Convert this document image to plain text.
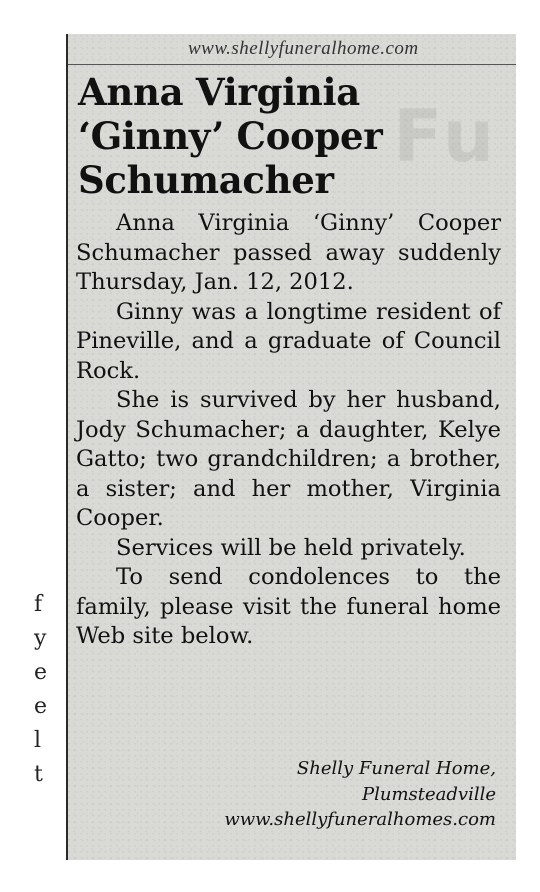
f
y
e
e
l
t
Fu
www.shellyfuneralhome.com
Anna Virginia
‘Ginny’ Cooper
Schumacher

Anna Virginia ‘Ginny’ Cooper Schumacher passed away suddenly Thursday, Jan. 12, 2012.

Ginny was a longtime resident of Pineville, and a graduate of Council Rock.

She is survived by her husband, Jody Schumacher; a daughter, Kelye Gatto; two grandchildren; a brother, a sister; and her mother, Virginia Cooper.

Services will be held privately.

To send condolences to the family, please visit the funeral home Web site below.

Shelly Funeral Home,
Plumsteadville
www.shellyfuneralhomes.com
